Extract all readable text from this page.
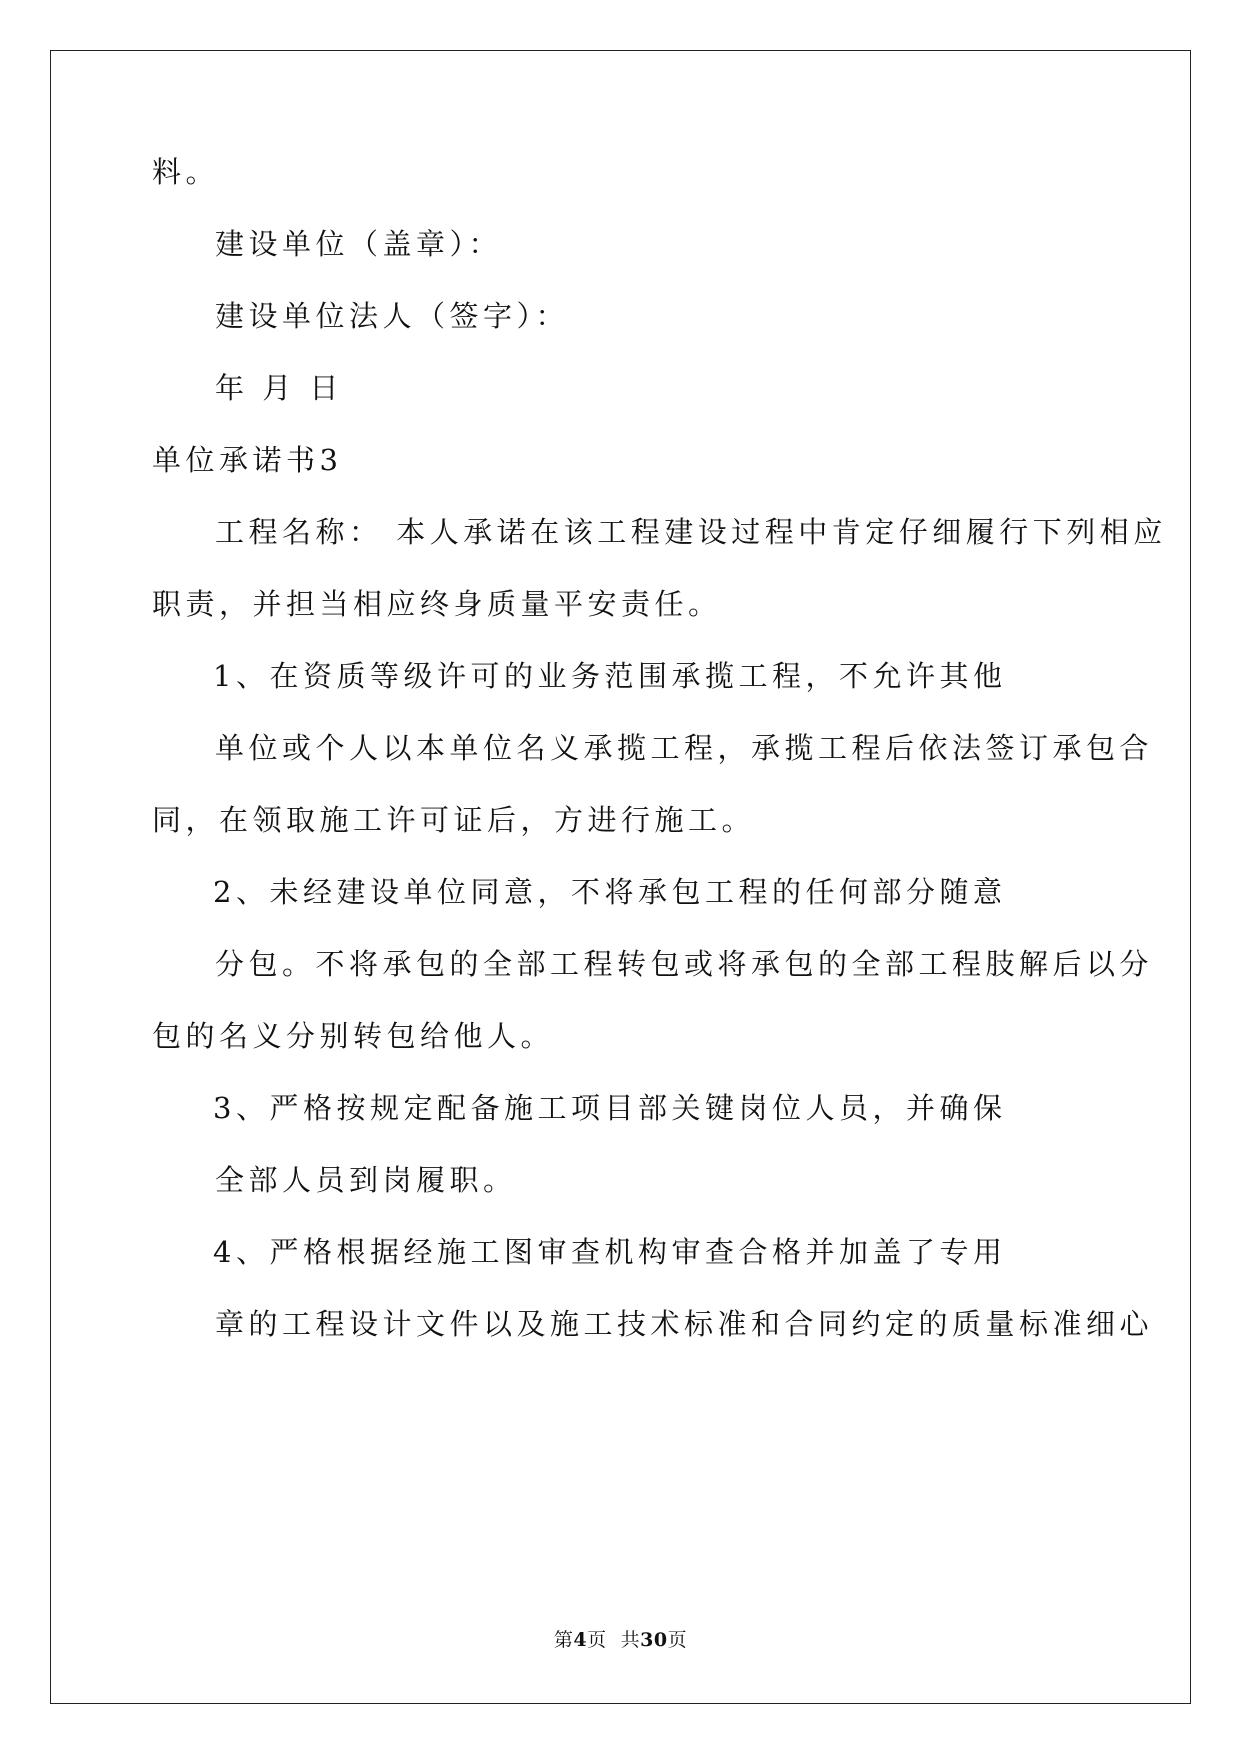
料。
建设单位（盖章）：
建设单位法人（签字）：
年 月 日
单位承诺书3
工程名称： 本人承诺在该工程建设过程中肯定仔细履行下列相应
职责，并担当相应终身质量平安责任。
1、在资质等级许可的业务范围承揽工程，不允许其他
单位或个人以本单位名义承揽工程，承揽工程后依法签订承包合
同，在领取施工许可证后，方进行施工。
2、未经建设单位同意，不将承包工程的任何部分随意
分包。不将承包的全部工程转包或将承包的全部工程肢解后以分
包的名义分别转包给他人。
3、严格按规定配备施工项目部关键岗位人员，并确保
全部人员到岗履职。
4、严格根据经施工图审查机构审查合格并加盖了专用
章的工程设计文件以及施工技术标准和合同约定的质量标准细心
第4页 共30页
